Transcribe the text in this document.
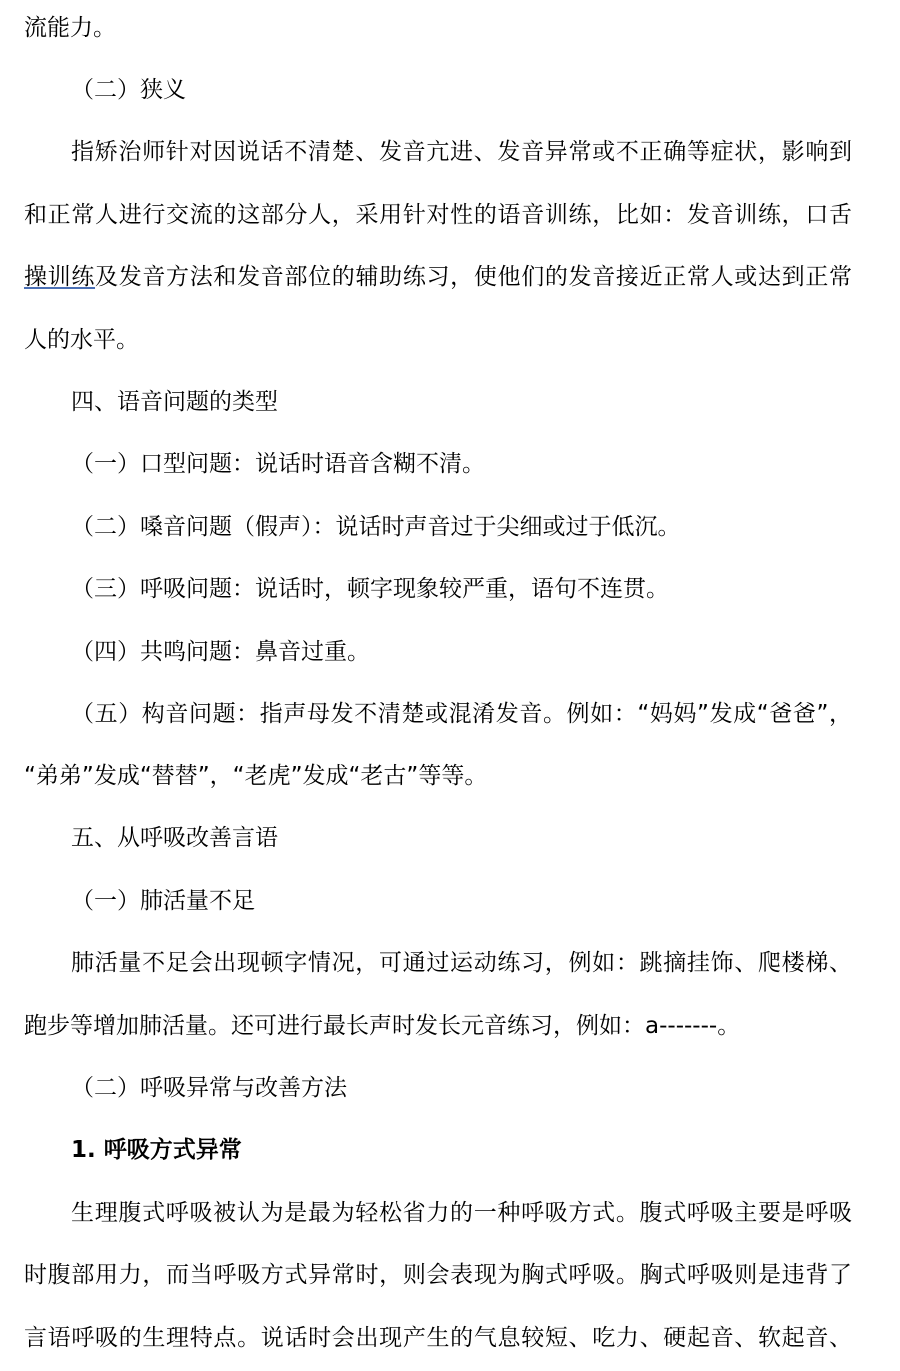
流能力。
（二）狭义
指矫治师针对因说话不清楚、发音亢进、发音异常或不正确等症状，影响到
和正常人进行交流的这部分人，采用针对性的语音训练，比如：发音训练，口舌
操训练及发音方法和发音部位的辅助练习，使他们的发音接近正常人或达到正常
人的水平。
四、语音问题的类型
（一）口型问题：说话时语音含糊不清。
（二）嗓音问题（假声）：说话时声音过于尖细或过于低沉。
（三）呼吸问题：说话时，顿字现象较严重，语句不连贯。
（四）共鸣问题：鼻音过重。
（五）构音问题：指声母发不清楚或混淆发音。例如：“妈妈”发成“爸爸”，
“弟弟”发成“替替”，“老虎”发成“老古”等等。
五、从呼吸改善言语
（一）肺活量不足
肺活量不足会出现顿字情况，可通过运动练习，例如：跳摘挂饰、爬楼梯、
跑步等增加肺活量。还可进行最长声时发长元音练习，例如：a-------。
（二）呼吸异常与改善方法
1. 呼吸方式异常
生理腹式呼吸被认为是最为轻松省力的一种呼吸方式。腹式呼吸主要是呼吸
时腹部用力，而当呼吸方式异常时，则会表现为胸式呼吸。胸式呼吸则是违背了
言语呼吸的生理特点。说话时会出现产生的气息较短、吃力、硬起音、软起音、
